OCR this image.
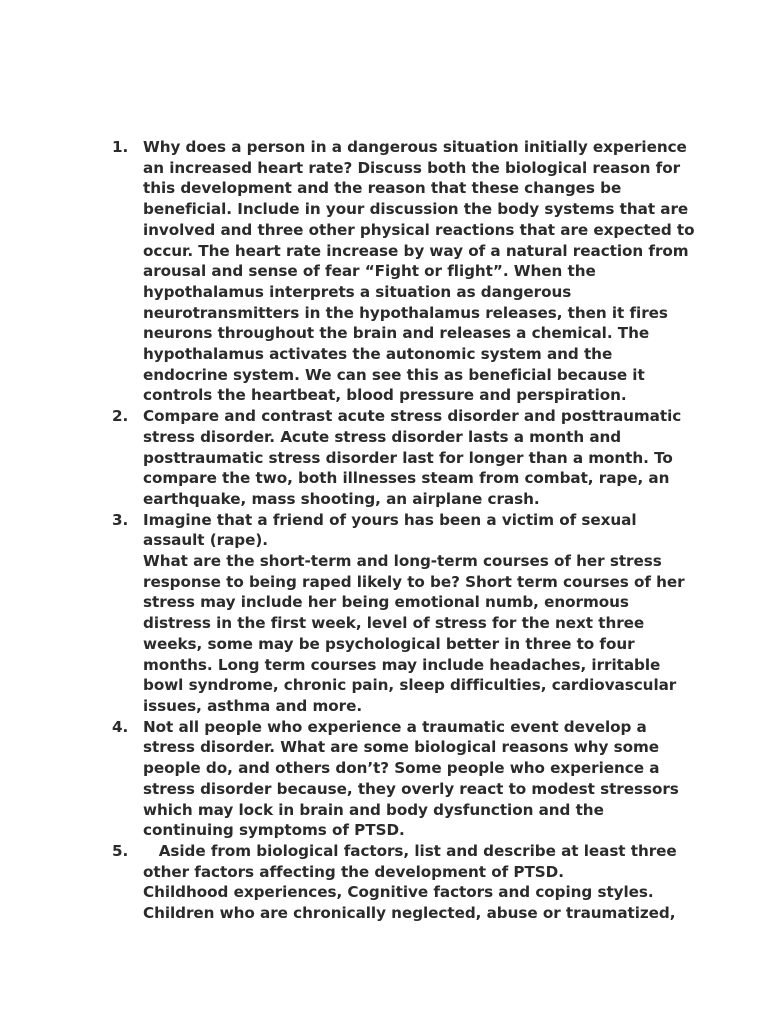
1. Why does a person in a dangerous situation initially experience
an increased heart rate? Discuss both the biological reason for
this development and the reason that these changes be
beneficial. Include in your discussion the body systems that are
involved and three other physical reactions that are expected to
occur. The heart rate increase by way of a natural reaction from
arousal and sense of fear “Fight or flight”. When the
hypothalamus interprets a situation as dangerous
neurotransmitters in the hypothalamus releases, then it fires
neurons throughout the brain and releases a chemical. The
hypothalamus activates the autonomic system and the
endocrine system. We can see this as beneficial because it
controls the heartbeat, blood pressure and perspiration.
2. Compare and contrast acute stress disorder and posttraumatic
stress disorder. Acute stress disorder lasts a month and
posttraumatic stress disorder last for longer than a month. To
compare the two, both illnesses steam from combat, rape, an
earthquake, mass shooting, an airplane crash.
3. Imagine that a friend of yours has been a victim of sexual
assault (rape).
What are the short-term and long-term courses of her stress
response to being raped likely to be? Short term courses of her
stress may include her being emotional numb, enormous
distress in the first week, level of stress for the next three
weeks, some may be psychological better in three to four
months. Long term courses may include headaches, irritable
bowl syndrome, chronic pain, sleep difficulties, cardiovascular
issues, asthma and more.
4. Not all people who experience a traumatic event develop a
stress disorder. What are some biological reasons why some
people do, and others don’t? Some people who experience a
stress disorder because, they overly react to modest stressors
which may lock in brain and body dysfunction and the
continuing symptoms of PTSD.
5. Aside from biological factors, list and describe at least three
other factors affecting the development of PTSD.
Childhood experiences, Cognitive factors and coping styles.
Children who are chronically neglected, abuse or traumatized,
